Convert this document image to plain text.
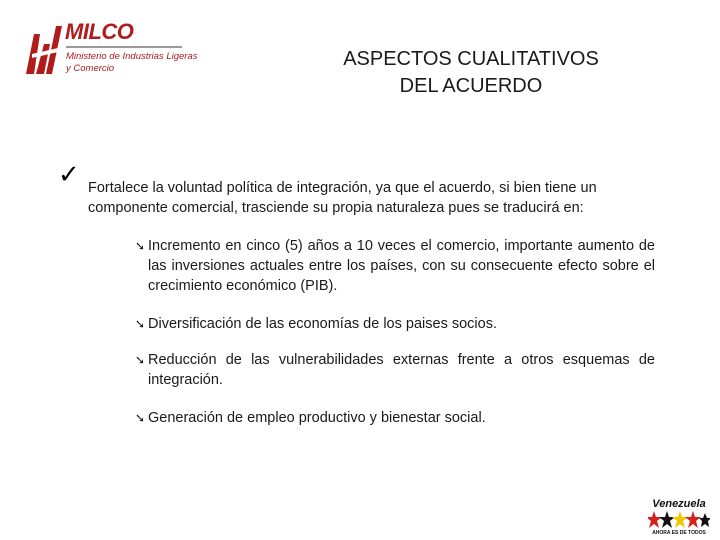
MILCO
Ministerio de Industrias Ligeras
y Comercio	ASPECTOS CUALITATIVOS
DEL ACUERDO
✓ Fortalece la voluntad política de integración, ya que el acuerdo, si bien tiene un componente comercial, trasciende su propia naturaleza pues se traducirá en:
➘ Incremento en cinco (5) años a 10 veces el comercio, importante aumento de las inversiones actuales entre los países, con su consecuente efecto sobre el crecimiento económico (PIB).
➘ Diversificación de las economías de los paises socios.
➘ Reducción de las vulnerabilidades externas frente a otros esquemas de integración.
➘ Generación de empleo productivo y bienestar social.
Venezuela
AHORA ES DE TODOS
